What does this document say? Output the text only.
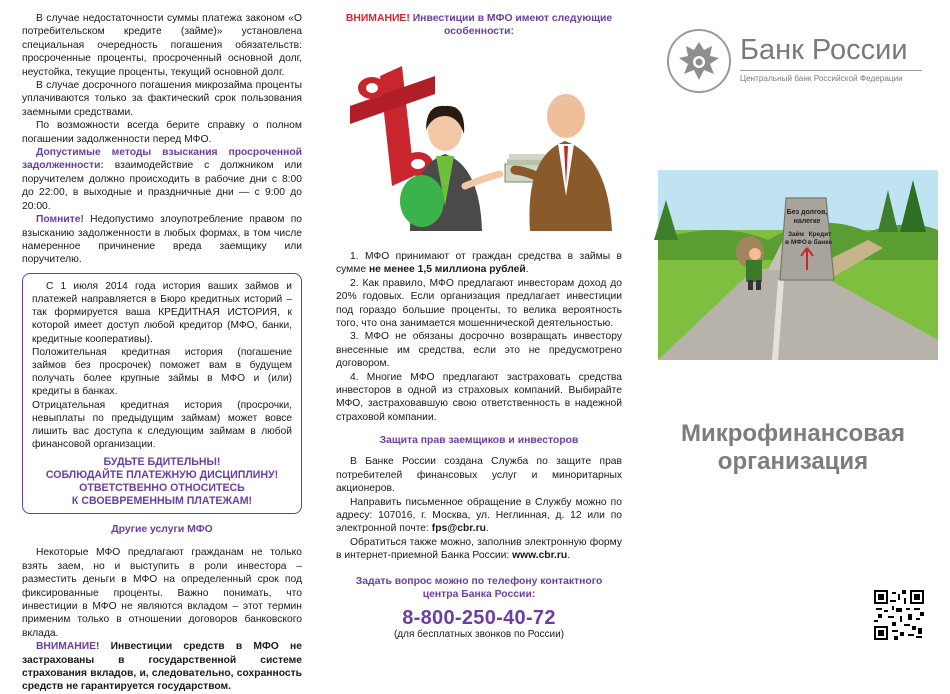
В случае недостаточности суммы платежа законом «О потребительском кредите (займе)» установлена специальная очередность погашения обязательств: просроченные проценты, просроченный основной долг, неустойка, текущие проценты, текущий основной долг.

В случае досрочного погашения микрозайма проценты уплачиваются только за фактический срок пользования заемными средствами.

По возможности всегда берите справку о полном погашении задолженности перед МФО.

Допустимые методы взыскания просроченной задолженности: взаимодействие с должником или поручителем должно происходить в рабочие дни с 8:00 до 22:00, в выходные и праздничные дни — с 9:00 до 20:00.

Помните! Недопустимо злоупотребление правом по взысканию задолженности в любых формах, в том числе намеренное причинение вреда заемщику или поручителю.

С 1 июля 2014 года история ваших займов и платежей направляется в Бюро кредитных историй – так формируется ваша КРЕДИТНАЯ ИСТОРИЯ, к которой имеет доступ любой кредитор (МФО, банки, кредитные кооперативы).

Положительная кредитная история (погашение займов без просрочек) поможет вам в будущем получать более крупные займы в МФО и (или) кредиты в банках.

Отрицательная кредитная история (просрочки, невыплаты по предыдущим займам) может вовсе лишить вас доступа к следующим займам в любой финансовой организации.

БУДЬТЕ БДИТЕЛЬНЫ!
СОБЛЮДАЙТЕ ПЛАТЕЖНУЮ ДИСЦИПЛИНУ!
ОТВЕТСТВЕННО ОТНОСИТЕСЬ
К СВОЕВРЕМЕННЫМ ПЛАТЕЖАМ!
Другие услуги МФО

Некоторые МФО предлагают гражданам не только взять заем, но и выступить в роли инвестора – разместить деньги в МФО на определенный срок под фиксированные проценты. Важно понимать, что инвестиции в МФО не являются вкладом – этот термин применим только в отношении договоров банковского вклада.

ВНИМАНИЕ! Инвестиции средств в МФО не застрахованы в государственной системе страхования вкладов, и, следовательно, сохранность средств не гарантируется государством.

ВНИМАНИЕ! Инвестиции в МФО имеют следующие особенности:
%

1. МФО принимают от граждан средства в займы в сумме не менее 1,5 миллиона рублей.

2. Как правило, МФО предлагают инвесторам доход до 20% годовых. Если организация предлагает инвестиции под гораздо большие проценты, то велика вероятность того, что она занимается мошеннической деятельностью.

3. МФО не обязаны досрочно возвращать инвестору внесенные им средства, если это не предусмотрено договором.

4. Многие МФО предлагают застраховать средства инвесторов в одной из страховых компаний. Выбирайте МФО, застраховавшую свою ответственность в надежной страховой компании.

Защита прав заемщиков и инвесторов

В Банке России создана Служба по защите прав потребителей финансовых услуг и миноритарных акционеров.

Направить письменное обращение в Службу можно по адресу: 107016, г. Москва, ул. Неглинная, д. 12 или по электронной почте: fps@cbr.ru.

Обратиться также можно, заполнив электронную форму в интернет-приемной Банка России: www.cbr.ru.

Задать вопрос можно по телефону контактного
центра Банка России:
8-800-250-40-72
(для бесплатных звонков по России)
Банк России
Центральный банк Российской Федерации
Без долгов,
налегке
Заём
в МФО
Кредит
в банке
Микрофинансовая
организация
